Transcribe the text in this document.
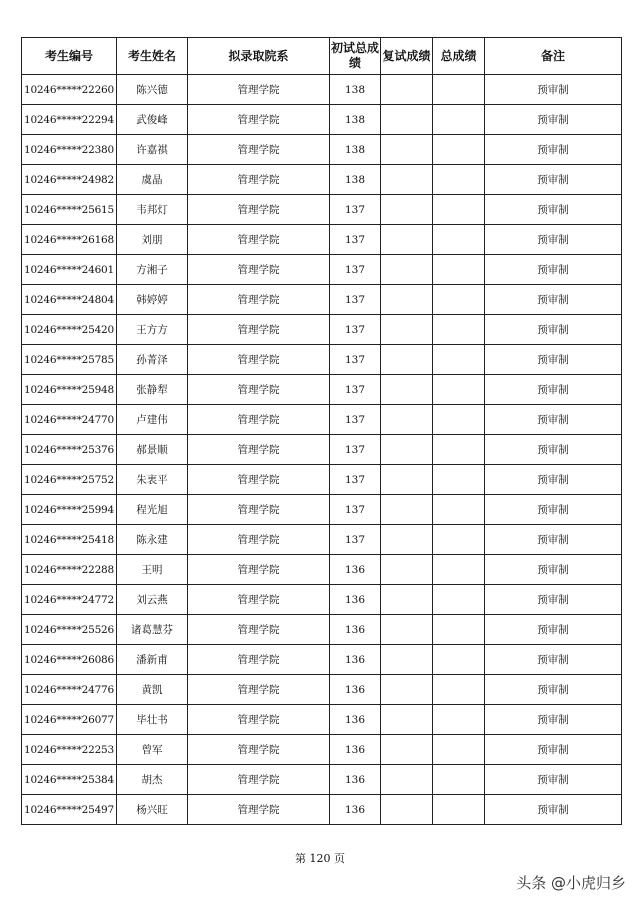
考生编号	考生姓名	拟录取院系	初试总成绩	复试成绩	总成绩	备注
10246*****22260	陈兴德	管理学院	138			预审制
10246*****22294	武俊峰	管理学院	138			预审制
10246*****22380	许嘉祺	管理学院	138			预审制
10246*****24982	虞晶	管理学院	138			预审制
10246*****25615	韦邦灯	管理学院	137			预审制
10246*****26168	刘朋	管理学院	137			预审制
10246*****24601	方湘子	管理学院	137			预审制
10246*****24804	韩婷婷	管理学院	137			预审制
10246*****25420	王方方	管理学院	137			预审制
10246*****25785	孙菁泽	管理学院	137			预审制
10246*****25948	张静犁	管理学院	137			预审制
10246*****24770	卢建伟	管理学院	137			预审制
10246*****25376	郝景顺	管理学院	137			预审制
10246*****25752	朱衷平	管理学院	137			预审制
10246*****25994	程光旭	管理学院	137			预审制
10246*****25418	陈永建	管理学院	137			预审制
10246*****22288	王明	管理学院	136			预审制
10246*****24772	刘云燕	管理学院	136			预审制
10246*****25526	诸葛慧芬	管理学院	136			预审制
10246*****26086	潘新甫	管理学院	136			预审制
10246*****24776	黄凯	管理学院	136			预审制
10246*****26077	毕壮书	管理学院	136			预审制
10246*****22253	曾军	管理学院	136			预审制
10246*****25384	胡杰	管理学院	136			预审制
10246*****25497	杨兴旺	管理学院	136			预审制
第 120 页
头条 @小虎归乡
